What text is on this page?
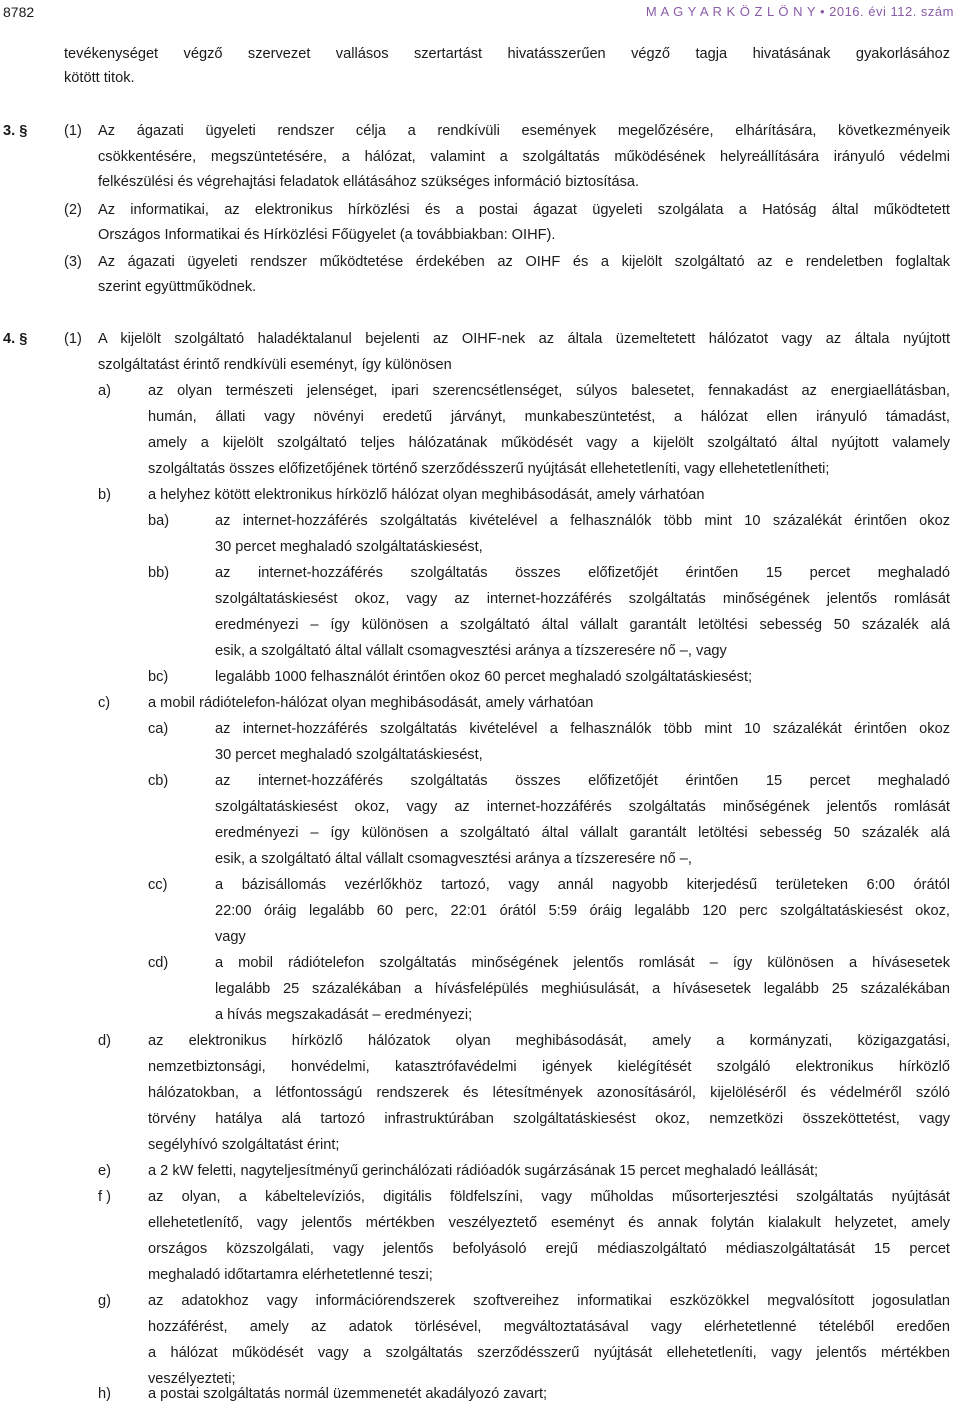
8782	M A G Y A R K Ö Z L Ö N Y • 2016. évi 112. szám
tevékenységet végző szervezet vallásos szertartást hivatásszerűen végző tagja hivatásának gyakorlásához
kötött titok.
3. §	(1) Az ágazati ügyeleti rendszer célja a rendkívüli események megelőzésére, elhárítására, következményeik
csökkentésére, megszüntetésére, a hálózat, valamint a szolgáltatás működésének helyreállítására irányuló védelmi
felkészülési és végrehajtási feladatok ellátásához szükséges információ biztosítása.
(2) Az informatikai, az elektronikus hírközlési és a postai ágazat ügyeleti szolgálata a Hatóság által működtetett
Országos Informatikai és Hírközlési Főügyelet (a továbbiakban: OIHF).
(3) Az ágazati ügyeleti rendszer működtetése érdekében az OIHF és a kijelölt szolgáltató az e rendeletben foglaltak
szerint együttműködnek.
4. §	(1) A kijelölt szolgáltató haladéktalanul bejelenti az OIHF-nek az általa üzemeltetett hálózatot vagy az általa nyújtott
szolgáltatást érintő rendkívüli eseményt, így különösen
a)	az olyan természeti jelenséget, ipari szerencsétlenséget, súlyos balesetet, fennakadást az energiaellátásban,
humán, állati vagy növényi eredetű járványt, munkabeszüntetést, a hálózat ellen irányuló támadást,
amely a kijelölt szolgáltató teljes hálózatának működését vagy a kijelölt szolgáltató által nyújtott valamely
szolgáltatás összes előfizetőjének történő szerződésszerű nyújtását ellehetetleníti, vagy ellehetetlenítheti;
b)	a helyhez kötött elektronikus hírközlő hálózat olyan meghibásodását, amely várhatóan
ba)	az internet-hozzáférés szolgáltatás kivételével a felhasználók több mint 10 százalékát érintően okoz
30 percet meghaladó szolgáltatáskiesést,
bb)	az internet-hozzáférés szolgáltatás összes előfizetőjét érintően 15 percet meghaladó
szolgáltatáskiesést okoz, vagy az internet-hozzáférés szolgáltatás minőségének jelentős romlását
eredményezi – így különösen a szolgáltató által vállalt garantált letöltési sebesség 50 százalék alá
esik, a szolgáltató által vállalt csomagvesztési aránya a tízszeresére nő –, vagy
bc)	legalább 1000 felhasználót érintően okoz 60 percet meghaladó szolgáltatáskiesést;
c)	a mobil rádiótelefon-hálózat olyan meghibásodását, amely várhatóan
ca)	az internet-hozzáférés szolgáltatás kivételével a felhasználók több mint 10 százalékát érintően okoz
30 percet meghaladó szolgáltatáskiesést,
cb)	az internet-hozzáférés szolgáltatás összes előfizetőjét érintően 15 percet meghaladó
szolgáltatáskiesést okoz, vagy az internet-hozzáférés szolgáltatás minőségének jelentős romlását
eredményezi – így különösen a szolgáltató által vállalt garantált letöltési sebesség 50 százalék alá
esik, a szolgáltató által vállalt csomagvesztési aránya a tízszeresére nő –,
cc)	a bázisállomás vezérlőkhöz tartozó, vagy annál nagyobb kiterjedésű területeken 6:00 órától
22:00 óráig legalább 60 perc, 22:01 órától 5:59 óráig legalább 120 perc szolgáltatáskiesést okoz,
vagy
cd)	a mobil rádiótelefon szolgáltatás minőségének jelentős romlását – így különösen a hívásesetek
legalább 25 százalékában a hívásfelépülés meghiúsulását, a hívásesetek legalább 25 százalékában
a hívás megszakadását – eredményezi;
d)	az elektronikus hírközlő hálózatok olyan meghibásodását, amely a kormányzati, közigazgatási,
nemzetbiztonsági, honvédelmi, katasztrófavédelmi igények kielégítését szolgáló elektronikus hírközlő
hálózatokban, a létfontosságú rendszerek és létesítmények azonosításáról, kijelöléséről és védelméről szóló
törvény hatálya alá tartozó infrastruktúrában szolgáltatáskiesést okoz, nemzetközi összeköttetést, vagy
segélyhívó szolgáltatást érint;
e)	a 2 kW feletti, nagyteljesítményű gerinchálózati rádióadók sugárzásának 15 percet meghaladó leállását;
f )	az olyan, a kábeltelevíziós, digitális földfelszíni, vagy műholdas műsorterjesztési szolgáltatás nyújtását
ellehetetlenítő, vagy jelentős mértékben veszélyeztető eseményt és annak folytán kialakult helyzetet, amely
országos közszolgálati, vagy jelentős befolyásoló erejű médiaszolgáltató médiaszolgáltatását 15 percet
meghaladó időtartamra elérhetetlenné teszi;
g)	az adatokhoz vagy információrendszerek szoftvereihez informatikai eszközökkel megvalósított jogosulatlan
hozzáférést, amely az adatok törlésével, megváltoztatásával vagy elérhetetlenné tételéből eredően
a hálózat működését vagy a szolgáltatás szerződésszerű nyújtását ellehetetleníti, vagy jelentős mértékben
veszélyezteti;
h)	a postai szolgáltatás normál üzemmenetét akadályozó zavart;
